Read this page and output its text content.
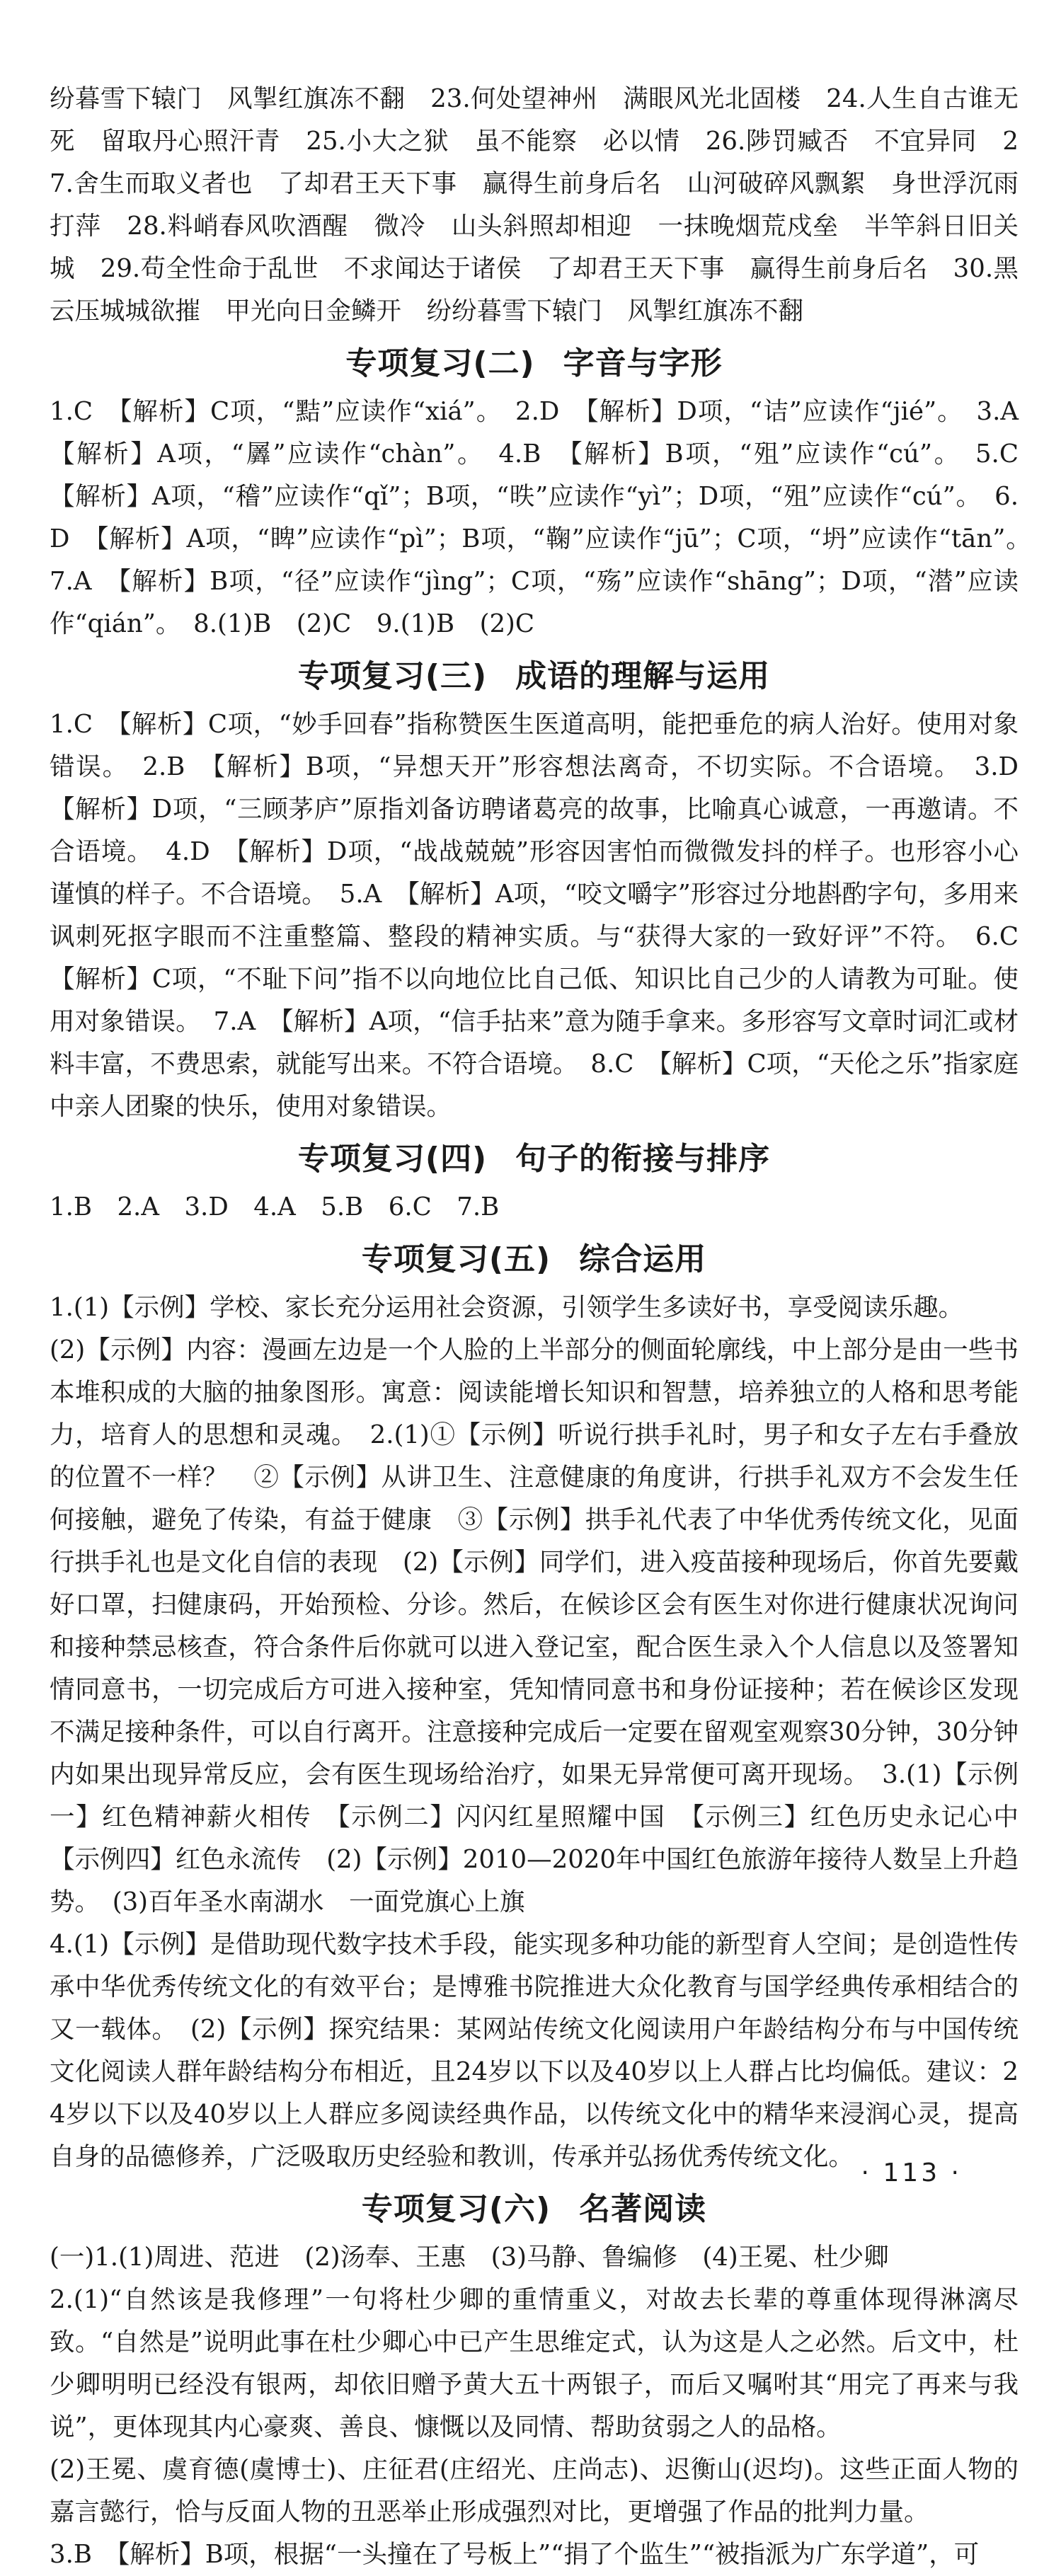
纷暮雪下辕门　风掣红旗冻不翻　23.何处望神州　满眼风光北固楼　24.人生自古谁无死　留取丹心照汗青　25.小大之狱　虽不能察　必以情　26.陟罚臧否　不宜异同　27.舍生而取义者也　了却君王天下事　赢得生前身后名　山河破碎风飘絮　身世浮沉雨打萍　28.料峭春风吹酒醒　微冷　山头斜照却相迎　一抹晚烟荒戍垒　半竿斜日旧关城　29.苟全性命于乱世　不求闻达于诸侯　了却君王天下事　赢得生前身后名　30.黑云压城城欲摧　甲光向日金鳞开　纷纷暮雪下辕门　风掣红旗冻不翻

专项复习(二) 字音与字形

1.C　【解析】C项，“黠”应读作“xiá”。　2.D　【解析】D项，“诘”应读作“jié”。　3.A　【解析】A项，“羼”应读作“chàn”。　4.B　【解析】B项，“殂”应读作“cú”。　5.C　【解析】A项，“稽”应读作“qǐ”；B项，“昳”应读作“yì”；D项，“殂”应读作“cú”。　6.D　【解析】A项，“睥”应读作“pì”；B项，“鞠”应读作“jū”；C项，“坍”应读作“tān”。　7.A　【解析】B项，“径”应读作“jìng”；C项，“殇”应读作“shāng”；D项，“潜”应读作“qián”。　8.(1)B　(2)C　9.(1)B　(2)C

专项复习(三) 成语的理解与运用

1.C　【解析】C项，“妙手回春”指称赞医生医道高明，能把垂危的病人治好。使用对象错误。　2.B　【解析】B项，“异想天开”形容想法离奇，不切实际。不合语境。　3.D　【解析】D项，“三顾茅庐”原指刘备访聘诸葛亮的故事，比喻真心诚意，一再邀请。不合语境。　4.D　【解析】D项，“战战兢兢”形容因害怕而微微发抖的样子。也形容小心谨慎的样子。不合语境。　5.A　【解析】A项，“咬文嚼字”形容过分地斟酌字句，多用来讽刺死抠字眼而不注重整篇、整段的精神实质。与“获得大家的一致好评”不符。　6.C　【解析】C项，“不耻下问”指不以向地位比自己低、知识比自己少的人请教为可耻。使用对象错误。　7.A　【解析】A项，“信手拈来”意为随手拿来。多形容写文章时词汇或材料丰富，不费思索，就能写出来。不符合语境。　8.C　【解析】C项，“天伦之乐”指家庭中亲人团聚的快乐，使用对象错误。

专项复习(四) 句子的衔接与排序

1.B　2.A　3.D　4.A　5.B　6.C　7.B

专项复习(五) 综合运用

1.(1)【示例】学校、家长充分运用社会资源，引领学生多读好书，享受阅读乐趣。

(2)【示例】内容：漫画左边是一个人脸的上半部分的侧面轮廓线，中上部分是由一些书本堆积成的大脑的抽象图形。寓意：阅读能增长知识和智慧，培养独立的人格和思考能力，培育人的思想和灵魂。　2.(1)①【示例】听说行拱手礼时，男子和女子左右手叠放的位置不一样？　②【示例】从讲卫生、注意健康的角度讲，行拱手礼双方不会发生任何接触，避免了传染，有益于健康　③【示例】拱手礼代表了中华优秀传统文化，见面行拱手礼也是文化自信的表现　(2)【示例】同学们，进入疫苗接种现场后，你首先要戴好口罩，扫健康码，开始预检、分诊。然后，在候诊区会有医生对你进行健康状况询问和接种禁忌核查，符合条件后你就可以进入登记室，配合医生录入个人信息以及签署知情同意书，一切完成后方可进入接种室，凭知情同意书和身份证接种；若在候诊区发现不满足接种条件，可以自行离开。注意接种完成后一定要在留观室观察30分钟，30分钟内如果出现异常反应，会有医生现场给治疗，如果无异常便可离开现场。　3.(1)【示例一】红色精神薪火相传　【示例二】闪闪红星照耀中国　【示例三】红色历史永记心中　【示例四】红色永流传　(2)【示例】2010—2020年中国红色旅游年接待人数呈上升趋势。　(3)百年圣水南湖水　一面党旗心上旗

4.(1)【示例】是借助现代数字技术手段，能实现多种功能的新型育人空间；是创造性传承中华优秀传统文化的有效平台；是博雅书院推进大众化教育与国学经典传承相结合的又一载体。　(2)【示例】探究结果：某网站传统文化阅读用户年龄结构分布与中国传统文化阅读人群年龄结构分布相近，且24岁以下以及40岁以上人群占比均偏低。建议：24岁以下以及40岁以上人群应多阅读经典作品，以传统文化中的精华来浸润心灵，提高自身的品德修养，广泛吸取历史经验和教训，传承并弘扬优秀传统文化。

专项复习(六) 名著阅读

(一)1.(1)周进、范进　(2)汤奉、王惠　(3)马静、鲁编修　(4)王冕、杜少卿

2.(1)“自然该是我修理”一句将杜少卿的重情重义，对故去长辈的尊重体现得淋漓尽致。“自然是”说明此事在杜少卿心中已产生思维定式，认为这是人之必然。后文中，杜少卿明明已经没有银两，却依旧赠予黄大五十两银子，而后又嘱咐其“用完了再来与我说”，更体现其内心豪爽、善良、慷慨以及同情、帮助贫弱之人的品格。

(2)王冕、虞育德(虞博士)、庄征君(庄绍光、庄尚志)、迟衡山(迟均)。这些正面人物的嘉言懿行，恰与反面人物的丑恶举止形成强烈对比，更增强了作品的批判力量。

3.B　【解析】B项，根据“一头撞在了号板上”“捐了个监生”“被指派为广东学道”，可

· 113 ·
